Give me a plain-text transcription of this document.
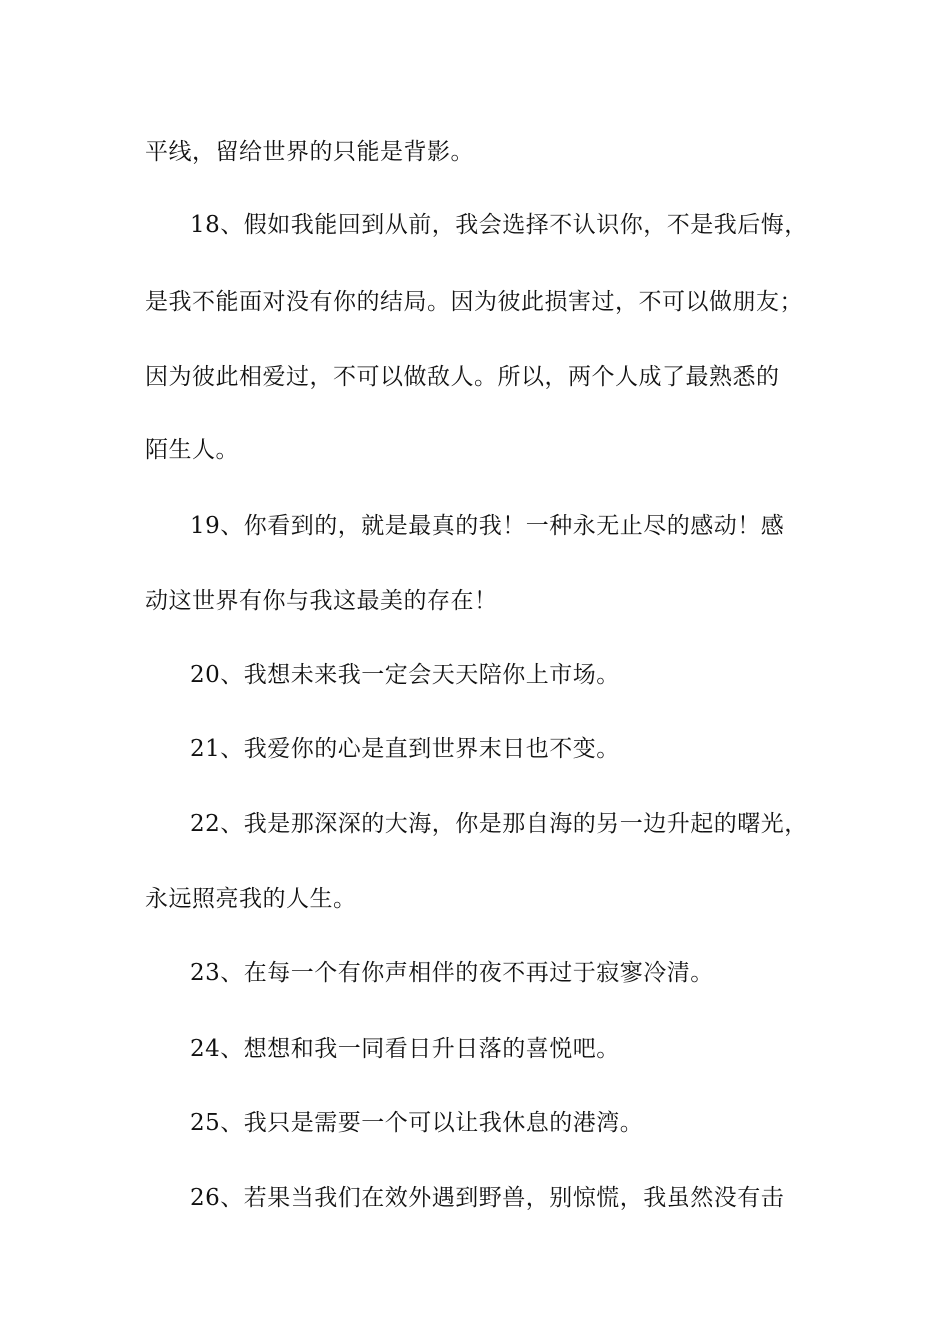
平线，留给世界的只能是背影。
18、假如我能回到从前，我会选择不认识你，不是我后悔，
是我不能面对没有你的结局。因为彼此损害过，不可以做朋友；
因为彼此相爱过，不可以做敌人。所以，两个人成了最熟悉的
陌生人。
19、你看到的，就是最真的我！一种永无止尽的感动！感
动这世界有你与我这最美的存在！
20、我想未来我一定会天天陪你上市场。
21、我爱你的心是直到世界末日也不变。
22、我是那深深的大海，你是那自海的另一边升起的曙光，
永远照亮我的人生。
23、在每一个有你声相伴的夜不再过于寂寥冷清。
24、想想和我一同看日升日落的喜悦吧。
25、我只是需要一个可以让我休息的港湾。
26、若果当我们在效外遇到野兽，别惊慌，我虽然没有击
